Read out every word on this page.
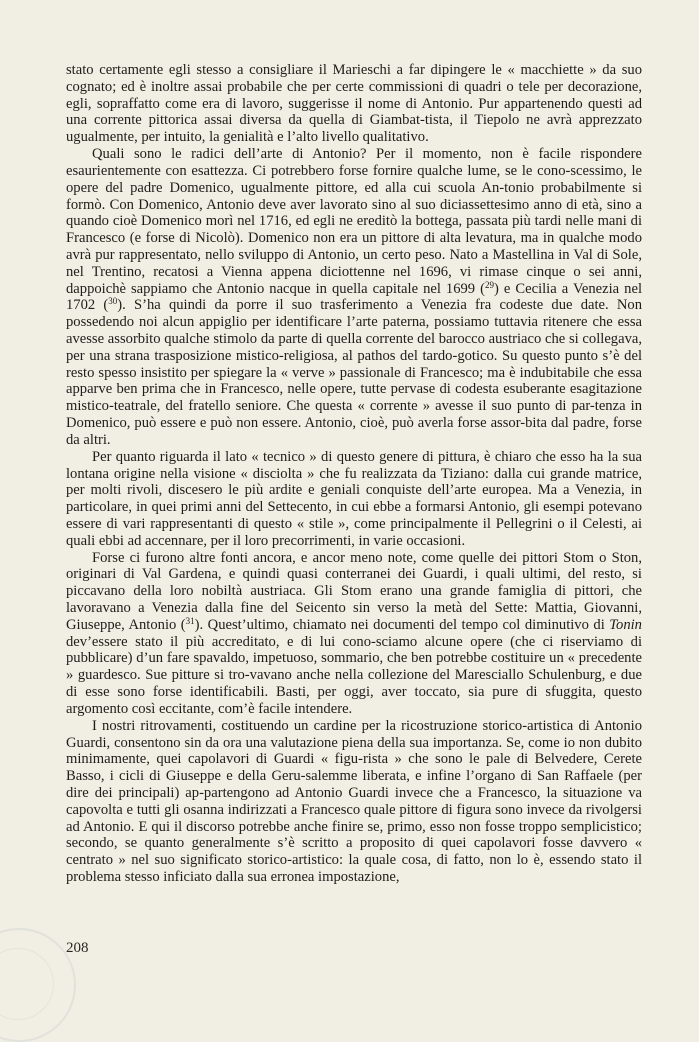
stato certamente egli stesso a consigliare il Marieschi a far dipingere le « macchiette » da suo cognato; ed è inoltre assai probabile che per certe commissioni di quadri o tele per decorazione, egli, sopraffatto come era di lavoro, suggerisse il nome di Antonio. Pur appartenendo questi ad una corrente pittorica assai diversa da quella di Giambat-tista, il Tiepolo ne avrà apprezzato ugualmente, per intuito, la genialità e l’alto livello qualitativo.

Quali sono le radici dell’arte di Antonio? Per il momento, non è facile rispondere esaurientemente con esattezza. Ci potrebbero forse fornire qualche lume, se le cono-scessimo, le opere del padre Domenico, ugualmente pittore, ed alla cui scuola An-tonio probabilmente si formò. Con Domenico, Antonio deve aver lavorato sino al suo diciassettesimo anno di età, sino a quando cioè Domenico morì nel 1716, ed egli ne ereditò la bottega, passata più tardi nelle mani di Francesco (e forse di Nicolò). Domenico non era un pittore di alta levatura, ma in qualche modo avrà pur rappresentato, nello sviluppo di Antonio, un certo peso. Nato a Mastellina in Val di Sole, nel Trentino, recatosi a Vienna appena diciottenne nel 1696, vi rimase cinque o sei anni, dappoichè sappiamo che Antonio nacque in quella capitale nel 1699 ($^{29}$) e Cecilia a Venezia nel 1702 ($^{30}$). S’ha quindi da porre il suo trasferimento a Venezia fra codeste due date. Non possedendo noi alcun appiglio per identificare l’arte paterna, possiamo tuttavia ritenere che essa avesse assorbito qualche stimolo da parte di quella corrente del barocco austriaco che si collegava, per una strana trasposizione mistico-religiosa, al pathos del tardo-gotico. Su questo punto s’è del resto spesso insistito per spiegare la « verve » passionale di Francesco; ma è indubitabile che essa apparve ben prima che in Francesco, nelle opere, tutte pervase di codesta esuberante esagitazione mistico-teatrale, del fratello seniore. Che questa « corrente » avesse il suo punto di par-tenza in Domenico, può essere e può non essere. Antonio, cioè, può averla forse assor-bita dal padre, forse da altri.

Per quanto riguarda il lato « tecnico » di questo genere di pittura, è chiaro che esso ha la sua lontana origine nella visione « disciolta » che fu realizzata da Tiziano: dalla cui grande matrice, per molti rivoli, discesero le più ardite e geniali conquiste dell’arte europea. Ma a Venezia, in particolare, in quei primi anni del Settecento, in cui ebbe a formarsi Antonio, gli esempi potevano essere di vari rappresentanti di questo « stile », come principalmente il Pellegrini o il Celesti, ai quali ebbi ad accennare, per il loro precorrimenti, in varie occasioni.

Forse ci furono altre fonti ancora, e ancor meno note, come quelle dei pittori Stom o Ston, originari di Val Gardena, e quindi quasi conterranei dei Guardi, i quali ultimi, del resto, si piccavano della loro nobiltà austriaca. Gli Stom erano una grande famiglia di pittori, che lavoravano a Venezia dalla fine del Seicento sin verso la metà del Sette: Mattia, Giovanni, Giuseppe, Antonio ($^{31}$). Quest’ultimo, chiamato nei documenti del tempo col diminutivo di Tonin dev’essere stato il più accreditato, e di lui cono-sciamo alcune opere (che ci riserviamo di pubblicare) d’un fare spavaldo, impetuoso, sommario, che ben potrebbe costituire un « precedente » guardesco. Sue pitture si tro-vavano anche nella collezione del Maresciallo Schulenburg, e due di esse sono forse identificabili. Basti, per oggi, aver toccato, sia pure di sfuggita, questo argomento così eccitante, com’è facile intendere.

I nostri ritrovamenti, costituendo un cardine per la ricostruzione storico-artistica di Antonio Guardi, consentono sin da ora una valutazione piena della sua importanza. Se, come io non dubito minimamente, quei capolavori di Guardi « figu-rista » che sono le pale di Belvedere, Cerete Basso, i cicli di Giuseppe e della Geru-salemme liberata, e infine l’organo di San Raffaele (per dire dei principali) ap-partengono ad Antonio Guardi invece che a Francesco, la situazione va capovolta e tutti gli osanna indirizzati a Francesco quale pittore di figura sono invece da rivolgersi ad Antonio. E qui il discorso potrebbe anche finire se, primo, esso non fosse troppo semplicistico; secondo, se quanto generalmente s’è scritto a proposito di quei capolavori fosse davvero « centrato » nel suo significato storico-artistico: la quale cosa, di fatto, non lo è, essendo stato il problema stesso inficiato dalla sua erronea impostazione,

208
